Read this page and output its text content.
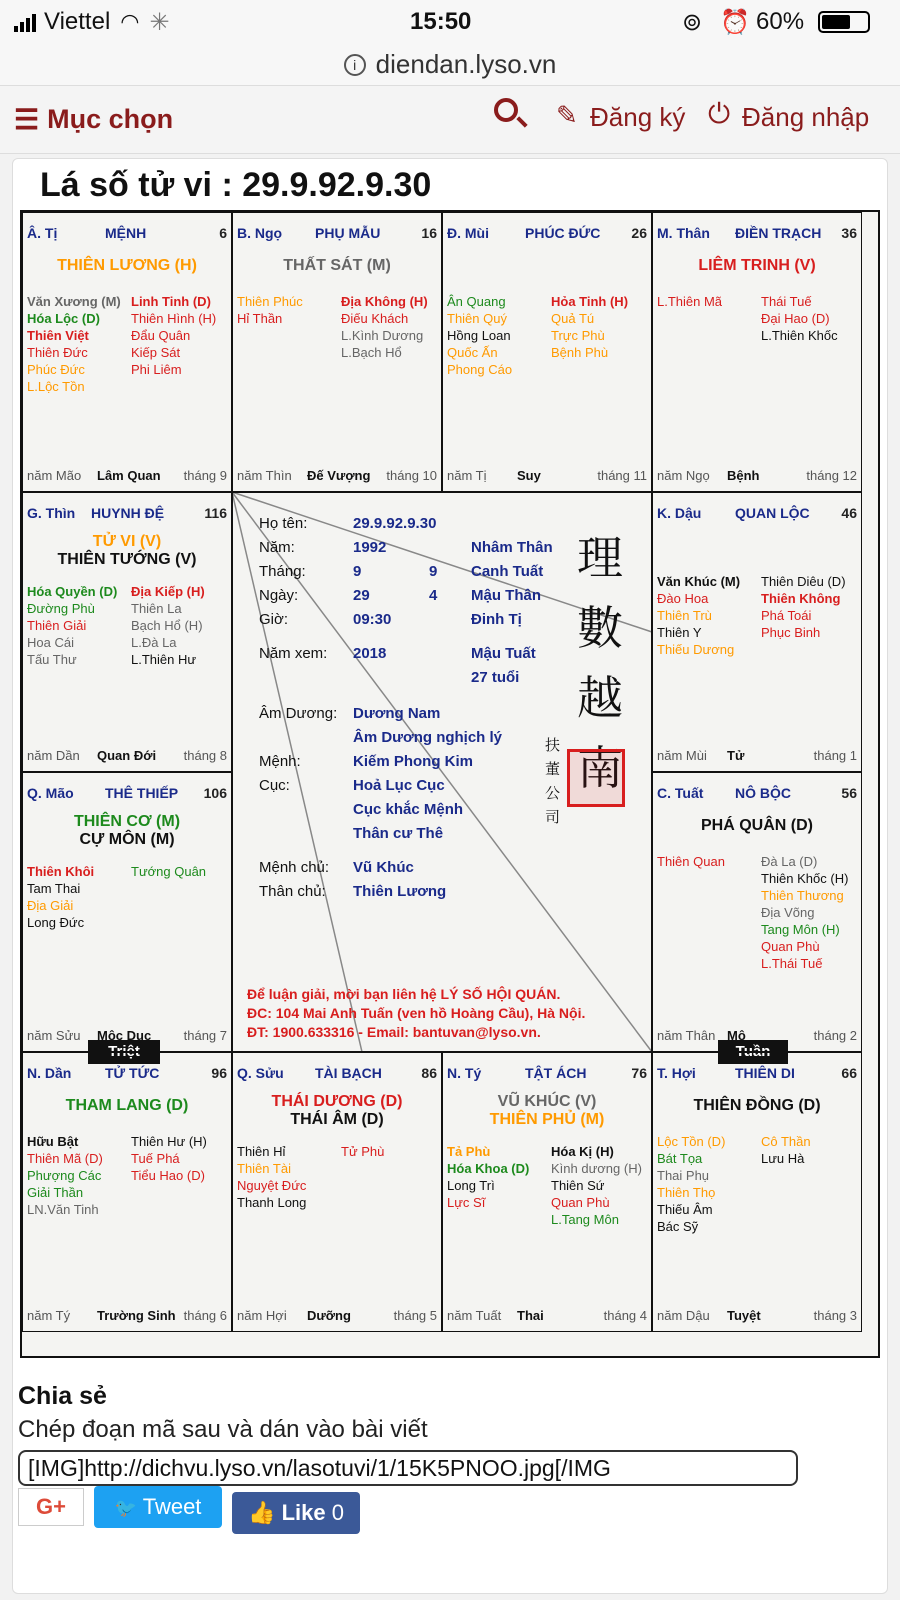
Viettel ◠ ✳	15:50	⊚ ⏰ 60%
i diendan.lyso.vn
☰ Mục chọn	✎ Đăng ký ⏻ Đăng nhập
Lá số tử vi : 29.9.92.9.30
Họ tên:	29.9.92.9.30
Năm:	1992	Nhâm Thân
Tháng:	9	9 Canh Tuất
Ngày:	29	4 Mậu Thân
Giờ:	09:30	Đinh Tị
Năm xem: 2018	Mậu Tuất
27 tuổi
Âm Dương: Dương Nam
Âm Dương nghịch lý
Mệnh:	Kiếm Phong Kim
Cục:	Hoả Lục Cục
Cục khắc Mệnh
Thân cư Thê
Mệnh chủ: Vũ Khúc
Thân chủ: Thiên Lương
理
數
越
南
扶 董 公 司
Để luận giải, mời bạn liên hệ LÝ SỐ HỘI QUÁN.
ĐC: 104 Mai Anh Tuấn (ven hồ Hoàng Cầu), Hà Nội.
ĐT: 1900.633316 - Email: bantuvan@lyso.vn.
Triệt	Tuần
Â. Tị	MỆNH	6
THIÊN LƯƠNG (H)
Văn Xương (M)
Hóa Lộc (D)
Thiên Việt
Thiên Đức
Phúc Đức
L.Lộc Tồn
Linh Tinh (D)
Thiên Hình (H)
Đẩu Quân
Kiếp Sát
Phi Liêm
năm Mão Lâm Quan tháng 9
B. Ngọ PHỤ MẪU	16
THẤT SÁT (M)
Thiên Phúc
Hỉ Thần
Địa Không (H)
Điếu Khách
L.Kình Dương
L.Bạch Hổ
năm Thìn Đế Vượng tháng 10
Đ. Mùi	PHÚC ĐỨC 26
Ân Quang
Thiên Quý
Hồng Loan
Quốc Ấn
Phong Cáo
Hỏa Tinh (H)
Quả Tú
Trực Phù
Bệnh Phù
năm Tị Suy	tháng 11
M. Thân ĐIỀN TRẠCH 36
LIÊM TRINH (V)
L.Thiên Mã	Thái Tuế
Đại Hao (D)
L.Thiên Khốc
năm Ngọ Bệnh	tháng 12
G. Thìn HUYNH ĐỆ	116
TỬ VI (V)
THIÊN TƯỚNG (V)
Hóa Quyền (D)
Đường Phù
Thiên Giải
Hoa Cái
Tấu Thư
Địa Kiếp (H)
Thiên La
Bạch Hổ (H)
L.Đà La
L.Thiên Hư
năm Dần Quan Đới tháng 8
K. Dậu QUAN LỘC 46
Văn Khúc (M)
Đào Hoa
Thiên Trù
Thiên Y
Thiếu Dương
Thiên Diêu (D)
Thiên Không
Phá Toái
Phục Binh
năm Mùi Tử	tháng 1
Q. Mão THÊ THIẾP 106
THIÊN CƠ (M)
CỰ MÔN (M)
Thiên Khôi
Tam Thai
Địa Giải
Long Đức
Tướng Quân
năm Sửu Mộc Dục tháng 7
C. Tuất NÔ BỘC	56
PHÁ QUÂN (D)
Thiên Quan	Đà La (D)
Thiên Khốc (H)
Thiên Thương
Địa Võng
Tang Môn (H)
Quan Phù
L.Thái Tuế
năm Thân Mộ	tháng 2
N. Dần TỬ TỨC	96
THAM LANG (D)
Hữu Bật
Thiên Mã (D)
Phượng Các
Giải Thần
LN.Văn Tinh
Thiên Hư (H)
Tuế Phá
Tiểu Hao (D)
năm Tý Trường Sinh tháng 6
Q. Sửu TÀI BẠCH	86
THÁI DƯƠNG (D)
THÁI ÂM (D)
Thiên Hỉ
Thiên Tài
Nguyệt Đức
Thanh Long
Tử Phù
năm Hợi Dưỡng	tháng 5
N. Tý	TẬT ÁCH	76
VŨ KHÚC (V)
THIÊN PHỦ (M)
Tả Phù
Hóa Khoa (D)
Long Trì
Lực Sĩ
Hóa Kị (H)
Kình dương (H)
Thiên Sứ
Quan Phù
L.Tang Môn
năm Tuất Thai	tháng 4
T. Hợi	THIÊN DI	66
THIÊN ĐỒNG (D)
Lộc Tồn (D)
Bát Tọa
Thai Phụ
Thiên Thọ
Thiếu Âm
Bác Sỹ
Cô Thần
Lưu Hà
năm Dậu Tuyệt	tháng 3
Chia sẻ
Chép đoạn mã sau và dán vào bài viết
[IMG]http://dichvu.lyso.vn/lasotuvi/1/15K5PNOO.jpg[/IMG
G+	🐦 Tweet	👍 Like 0
